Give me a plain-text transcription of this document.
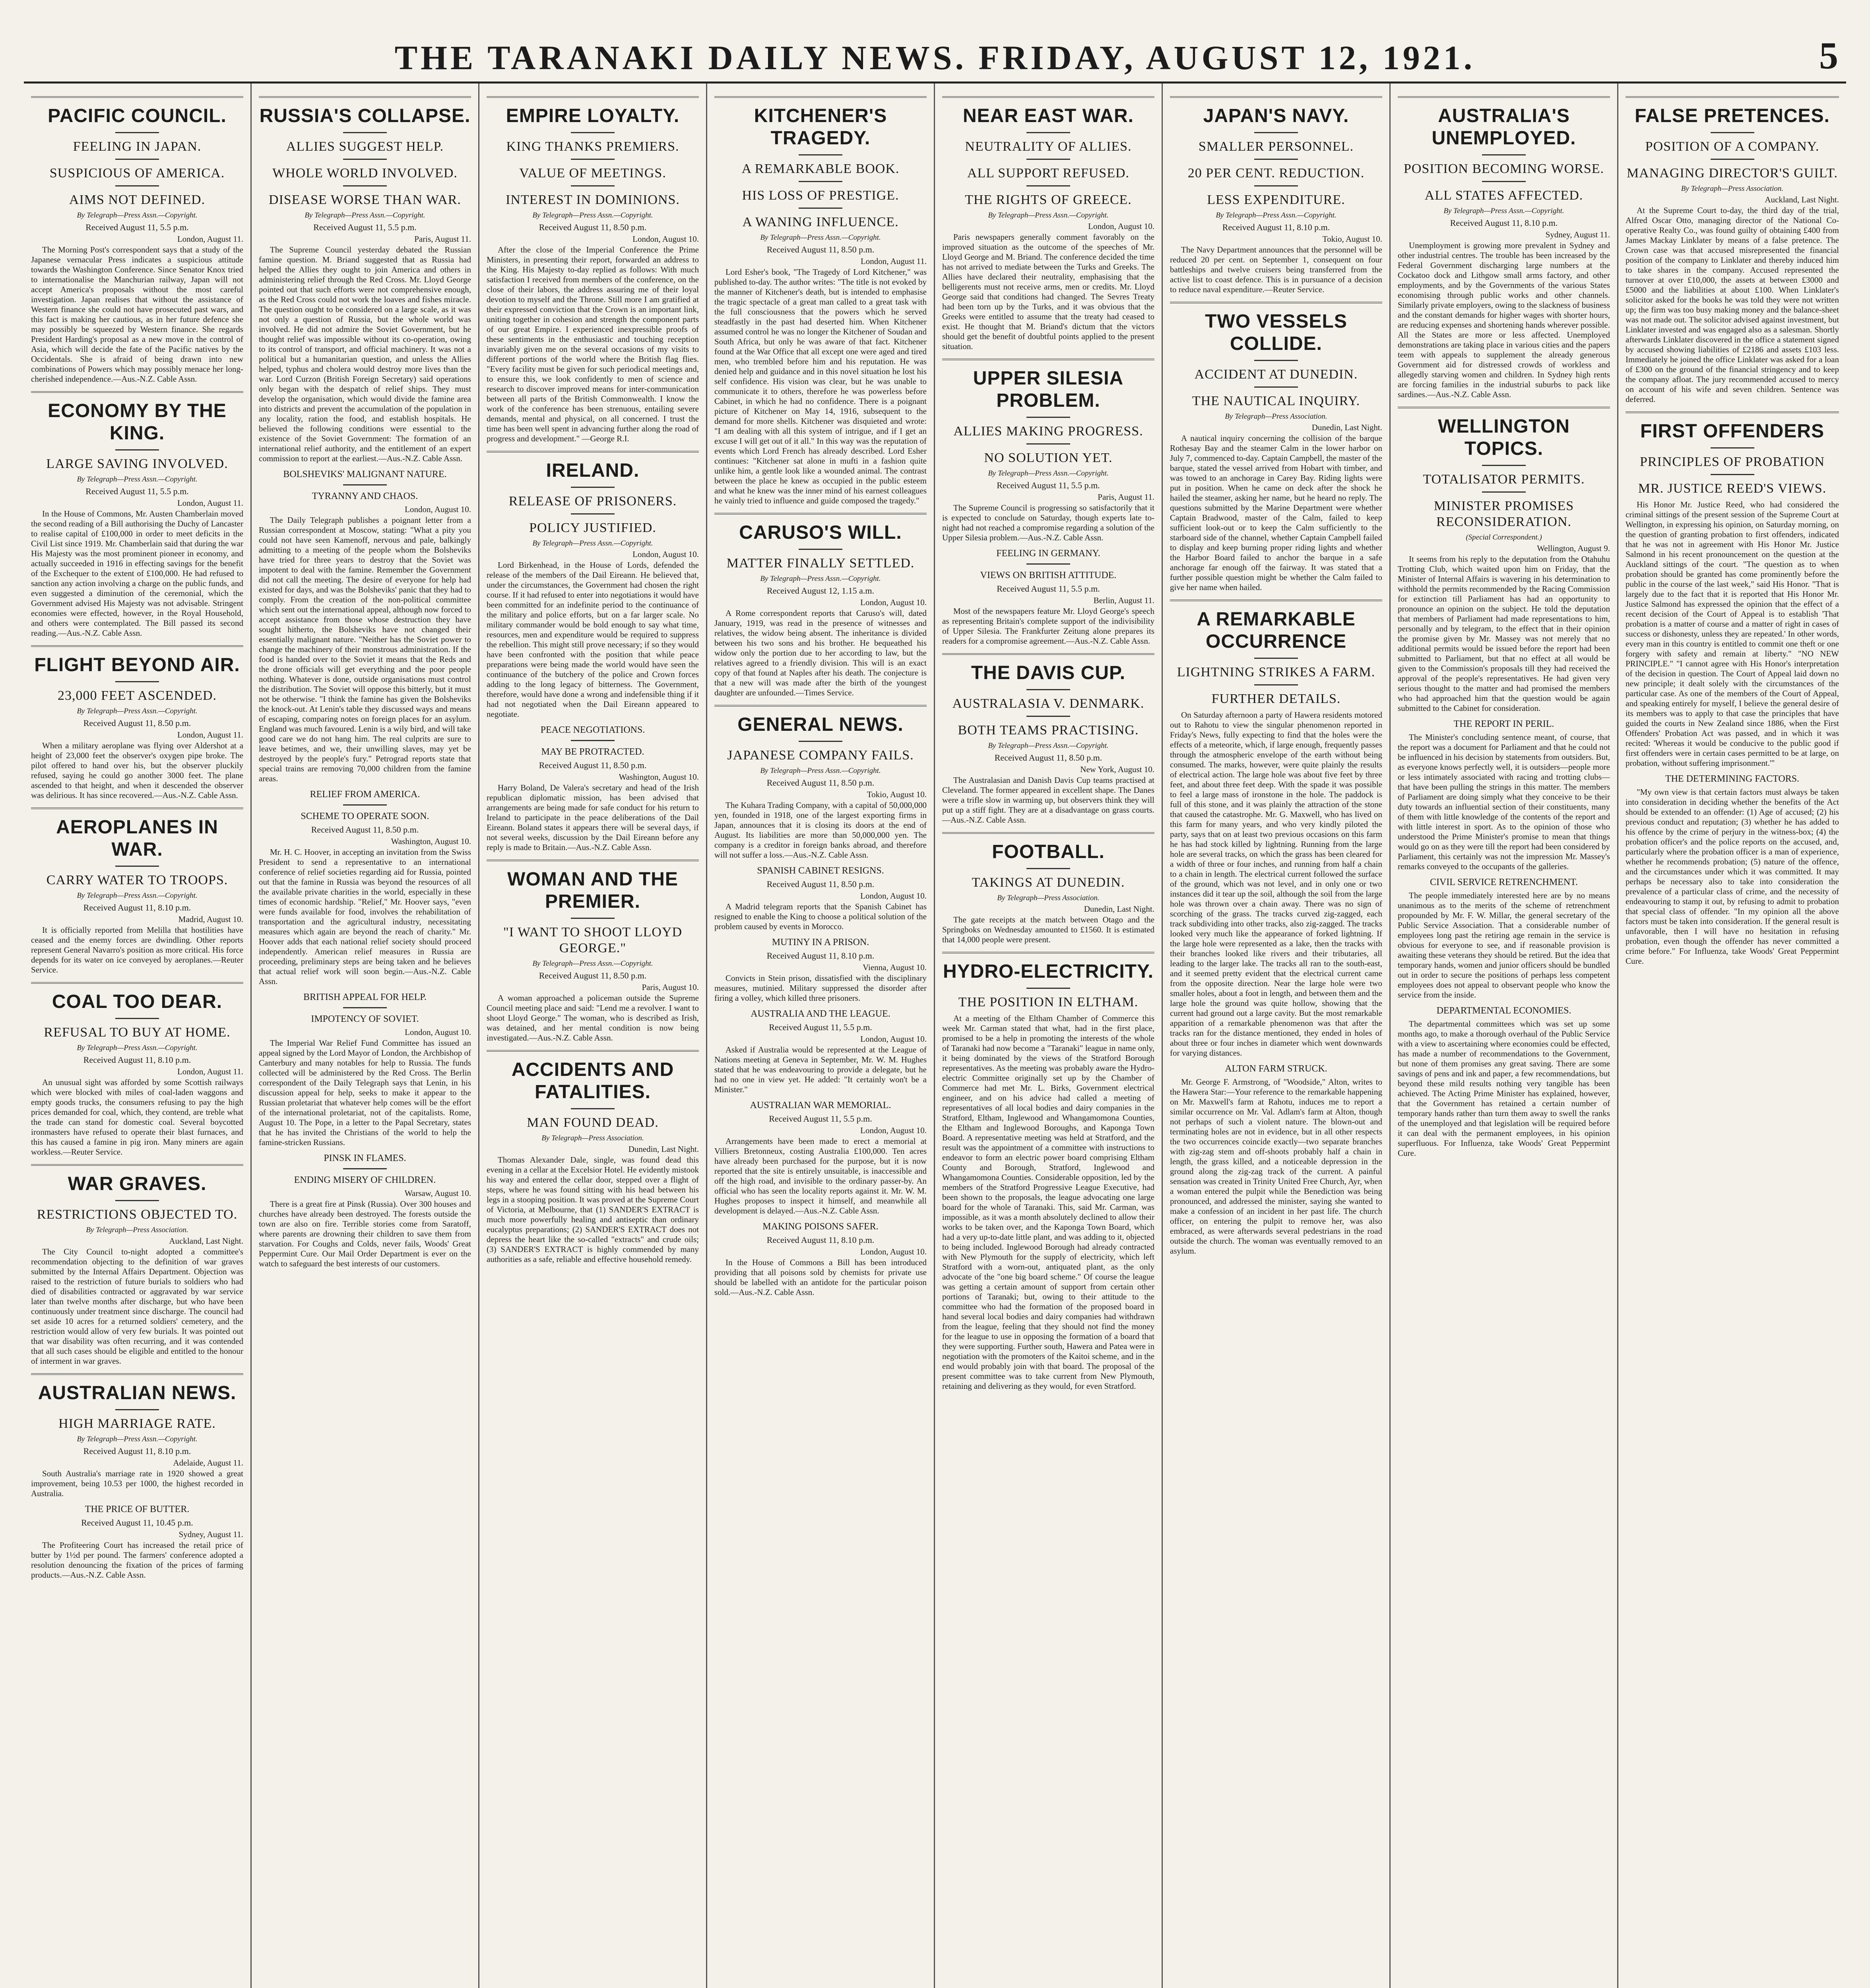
THE TARANAKI DAILY NEWS. FRIDAY, AUGUST 12, 1921.	5
PACIFIC COUNCIL.
FEELING IN JAPAN.
SUSPICIOUS OF AMERICA.
AIMS NOT DEFINED.
By Telegraph—Press Assn.—Copyright.
Received August 11, 5.5 p.m.
London, August 11.

The Morning Post's correspondent says that a study of the Japanese vernacular Press indicates a suspicious attitude towards the Washington Conference. Since Senator Knox tried to internationalise the Manchurian railway, Japan will not accept America's proposals without the most careful investigation. Japan realises that without the assistance of Western finance she could not have prosecuted past wars, and this fact is making her cautious, as in her future defence she may possibly be squeezed by Western finance. She regards President Harding's proposal as a new move in the control of Asia, which will decide the fate of the Pacific natives by the Occidentals. She is afraid of being drawn into new combinations of Powers which may possibly menace her long-cherished independence.—Aus.-N.Z. Cable Assn.

ECONOMY BY THE KING.
LARGE SAVING INVOLVED.
By Telegraph—Press Assn.—Copyright.
Received August 11, 5.5 p.m.
London, August 11.

In the House of Commons, Mr. Austen Chamberlain moved the second reading of a Bill authorising the Duchy of Lancaster to realise capital of £100,000 in order to meet deficits in the Civil List since 1919. Mr. Chamberlain said that during the war His Majesty was the most prominent pioneer in economy, and actually succeeded in 1916 in effecting savings for the benefit of the Exchequer to the extent of £100,000. He had refused to sanction any action involving a charge on the public funds, and even suggested a diminution of the ceremonial, which the Government advised His Majesty was not advisable. Stringent economies were effected, however, in the Royal Household, and others were contemplated. The Bill passed its second reading.—Aus.-N.Z. Cable Assn.

FLIGHT BEYOND AIR.
23,000 FEET ASCENDED.
By Telegraph—Press Assn.—Copyright.
Received August 11, 8.50 p.m.
London, August 11.

When a military aeroplane was flying over Aldershot at a height of 23,000 feet the observer's oxygen pipe broke. The pilot offered to hand over his, but the observer pluckily refused, saying he could go another 3000 feet. The plane ascended to that height, and when it descended the observer was delirious. It has since recovered.—Aus.-N.Z. Cable Assn.

AEROPLANES IN WAR.
CARRY WATER TO TROOPS.
By Telegraph—Press Assn.—Copyright.
Received August 11, 8.10 p.m.
Madrid, August 10.

It is officially reported from Melilla that hostilities have ceased and the enemy forces are dwindling. Other reports represent General Navarro's position as more critical. His force depends for its water on ice conveyed by aeroplanes.—Reuter Service.

COAL TOO DEAR.
REFUSAL TO BUY AT HOME.
By Telegraph—Press Assn.—Copyright.
Received August 11, 8.10 p.m.
London, August 11.

An unusual sight was afforded by some Scottish railways which were blocked with miles of coal-laden waggons and empty goods trucks, the consumers refusing to pay the high prices demanded for coal, which, they contend, are treble what the trade can stand for domestic coal. Several boycotted ironmasters have refused to operate their blast furnaces, and this has caused a famine in pig iron. Many miners are again workless.—Reuter Service.

WAR GRAVES.
RESTRICTIONS OBJECTED TO.
By Telegraph—Press Association.
Auckland, Last Night.

The City Council to-night adopted a committee's recommendation objecting to the definition of war graves submitted by the Internal Affairs Department. Objection was raised to the restriction of future burials to soldiers who had died of disabilities contracted or aggravated by war service later than twelve months after discharge, but who have been continuously under treatment since discharge. The council had set aside 10 acres for a returned soldiers' cemetery, and the restriction would allow of very few burials. It was pointed out that war disability was often recurring, and it was contended that all such cases should be eligible and entitled to the honour of interment in war graves.

AUSTRALIAN NEWS.
HIGH MARRIAGE RATE.
By Telegraph—Press Assn.—Copyright.
Received August 11, 8.10 p.m.
Adelaide, August 11.

South Australia's marriage rate in 1920 showed a great improvement, being 10.53 per 1000, the highest recorded in Australia.

THE PRICE OF BUTTER.
Received August 11, 10.45 p.m.
Sydney, August 11.

The Profiteering Court has increased the retail price of butter by 1½d per pound. The farmers' conference adopted a resolution denouncing the fixation of the prices of farming products.—Aus.-N.Z. Cable Assn.

RUSSIA'S COLLAPSE.
ALLIES SUGGEST HELP.
WHOLE WORLD INVOLVED.
DISEASE WORSE THAN WAR.
By Telegraph—Press Assn.—Copyright.
Received August 11, 5.5 p.m.
Paris, August 11.

The Supreme Council yesterday debated the Russian famine question. M. Briand suggested that as Russia had helped the Allies they ought to join America and others in administering relief through the Red Cross. Mr. Lloyd George pointed out that such efforts were not comprehensive enough, as the Red Cross could not work the loaves and fishes miracle. The question ought to be considered on a large scale, as it was not only a question of Russia, but the whole world was involved. He did not admire the Soviet Government, but he thought relief was impossible without its co-operation, owing to its control of transport, and official machinery. It was not a political but a humanitarian question, and unless the Allies helped, typhus and cholera would destroy more lives than the war. Lord Curzon (British Foreign Secretary) said operations only began with the despatch of relief ships. They must develop the organisation, which would divide the famine area into districts and prevent the accumulation of the population in any locality, ration the food, and establish hospitals. He believed the following conditions were essential to the existence of the Soviet Government: The formation of an international relief authority, and the entitlement of an expert commission to report at the earliest.—Aus.-N.Z. Cable Assn.

BOLSHEVIKS' MALIGNANT NATURE.
TYRANNY AND CHAOS.
London, August 10.

The Daily Telegraph publishes a poignant letter from a Russian correspondent at Moscow, stating: "What a pity you could not have seen Kamenoff, nervous and pale, balkingly admitting to a meeting of the people whom the Bolsheviks have tried for three years to destroy that the Soviet was impotent to deal with the famine. Remember the Government did not call the meeting. The desire of everyone for help had existed for days, and was the Bolsheviks' panic that they had to comply. From the creation of the non-political committee which sent out the international appeal, although now forced to accept assistance from those whose destruction they have sought hitherto, the Bolsheviks have not changed their essentially malignant nature. "Neither has the Soviet power to change the machinery of their monstrous administration. If the food is handed over to the Soviet it means that the Reds and the drone officials will get everything and the poor people nothing. Whatever is done, outside organisations must control the distribution. The Soviet will oppose this bitterly, but it must not be otherwise. "I think the famine has given the Bolsheviks the knock-out. At Lenin's table they discussed ways and means of escaping, comparing notes on foreign places for an asylum. England was much favoured. Lenin is a wily bird, and will take good care we do not hang him. The real culprits are sure to leave betimes, and we, their unwilling slaves, may yet be destroyed by the people's fury." Petrograd reports state that special trains are removing 70,000 children from the famine areas.

RELIEF FROM AMERICA.
SCHEME TO OPERATE SOON.
Received August 11, 8.50 p.m.
Washington, August 10.

Mr. H. C. Hoover, in accepting an invitation from the Swiss President to send a representative to an international conference of relief societies regarding aid for Russia, pointed out that the famine in Russia was beyond the resources of all the available private charities in the world, especially in these times of economic hardship. "Relief," Mr. Hoover says, "even were funds available for food, involves the rehabilitation of transportation and the agricultural industry, necessitating measures which again are beyond the reach of charity." Mr. Hoover adds that each national relief society should proceed independently. American relief measures in Russia are proceeding, preliminary steps are being taken and he believes that actual relief work will soon begin.—Aus.-N.Z. Cable Assn.

BRITISH APPEAL FOR HELP.
IMPOTENCY OF SOVIET.
London, August 10.

The Imperial War Relief Fund Committee has issued an appeal signed by the Lord Mayor of London, the Archbishop of Canterbury and many notables for help to Russia. The funds collected will be administered by the Red Cross. The Berlin correspondent of the Daily Telegraph says that Lenin, in his discussion appeal for help, seeks to make it appear to the Russian proletariat that whatever help comes will be the effort of the international proletariat, not of the capitalists. Rome, August 10. The Pope, in a letter to the Papal Secretary, states that he has invited the Christians of the world to help the famine-stricken Russians.

PINSK IN FLAMES.
ENDING MISERY OF CHILDREN.
Warsaw, August 10.

There is a great fire at Pinsk (Russia). Over 300 houses and churches have already been destroyed. The forests outside the town are also on fire. Terrible stories come from Saratoff, where parents are drowning their children to save them from starvation. For Coughs and Colds, never fails, Woods' Great Peppermint Cure. Our Mail Order Department is ever on the watch to safeguard the best interests of our customers.

EMPIRE LOYALTY.
KING THANKS PREMIERS.
VALUE OF MEETINGS.
INTEREST IN DOMINIONS.
By Telegraph—Press Assn.—Copyright.
Received August 11, 8.50 p.m.
London, August 10.

After the close of the Imperial Conference the Prime Ministers, in presenting their report, forwarded an address to the King. His Majesty to-day replied as follows: With much satisfaction I received from members of the conference, on the close of their labors, the address assuring me of their loyal devotion to myself and the Throne. Still more I am gratified at their expressed conviction that the Crown is an important link, uniting together in cohesion and strength the component parts of our great Empire. I experienced inexpressible proofs of these sentiments in the enthusiastic and touching reception invariably given me on the several occasions of my visits to different portions of the world where the British flag flies. "Every facility must be given for such periodical meetings and, to ensure this, we look confidently to men of science and research to discover improved means for inter-communication between all parts of the British Commonwealth. I know the work of the conference has been strenuous, entailing severe demands, mental and physical, on all concerned. I trust the time has been well spent in advancing further along the road of progress and development." —George R.I.

IRELAND.
RELEASE OF PRISONERS.
POLICY JUSTIFIED.
By Telegraph—Press Assn.—Copyright.
London, August 10.

Lord Birkenhead, in the House of Lords, defended the release of the members of the Dail Eireann. He believed that, under the circumstances, the Government had chosen the right course. If it had refused to enter into negotiations it would have been committed for an indefinite period to the continuance of the military and police efforts, but on a far larger scale. No military commander would be bold enough to say what time, resources, men and expenditure would be required to suppress the rebellion. This might still prove necessary; if so they would have been confronted with the position that while peace preparations were being made the world would have seen the continuance of the butchery of the police and Crown forces adding to the long legacy of bitterness. The Government, therefore, would have done a wrong and indefensible thing if it had not negotiated when the Dail Eireann appeared to negotiate.

PEACE NEGOTIATIONS.
MAY BE PROTRACTED.
Received August 11, 8.50 p.m.
Washington, August 10.

Harry Boland, De Valera's secretary and head of the Irish republican diplomatic mission, has been advised that arrangements are being made for safe conduct for his return to Ireland to participate in the peace deliberations of the Dail Eireann. Boland states it appears there will be several days, if not several weeks, discussion by the Dail Eireann before any reply is made to Britain.—Aus.-N.Z. Cable Assn.

WOMAN AND THE PREMIER.
"I WANT TO SHOOT LLOYD GEORGE."
By Telegraph—Press Assn.—Copyright.
Received August 11, 8.50 p.m.
Paris, August 10.

A woman approached a policeman outside the Supreme Council meeting place and said: "Lend me a revolver. I want to shoot Lloyd George." The woman, who is described as Irish, was detained, and her mental condition is now being investigated.—Aus.-N.Z. Cable Assn.

ACCIDENTS AND FATALITIES.
MAN FOUND DEAD.
By Telegraph—Press Association.
Dunedin, Last Night.

Thomas Alexander Dale, single, was found dead this evening in a cellar at the Excelsior Hotel. He evidently mistook his way and entered the cellar door, stepped over a flight of steps, where he was found sitting with his head between his legs in a stooping position. It was proved at the Supreme Court of Victoria, at Melbourne, that (1) SANDER'S EXTRACT is much more powerfully healing and antiseptic than ordinary eucalyptus preparations; (2) SANDER'S EXTRACT does not depress the heart like the so-called "extracts" and crude oils; (3) SANDER'S EXTRACT is highly commended by many authorities as a safe, reliable and effective household remedy.

KITCHENER'S TRAGEDY.
A REMARKABLE BOOK.
HIS LOSS OF PRESTIGE.
A WANING INFLUENCE.
By Telegraph—Press Assn.—Copyright.
Received August 11, 8.50 p.m.
London, August 11.

Lord Esher's book, "The Tragedy of Lord Kitchener," was published to-day. The author writes: "The title is not evoked by the manner of Kitchener's death, but is intended to emphasise the tragic spectacle of a great man called to a great task with the full consciousness that the powers which he served steadfastly in the past had deserted him. When Kitchener assumed control he was no longer the Kitchener of Soudan and South Africa, but only he was aware of that fact. Kitchener found at the War Office that all except one were aged and tired men, who trembled before him and his reputation. He was denied help and guidance and in this novel situation he lost his self confidence. His vision was clear, but he was unable to communicate it to others, therefore he was powerless before Cabinet, in which he had no confidence. There is a poignant picture of Kitchener on May 14, 1916, subsequent to the demand for more shells. Kitchener was disquieted and wrote: "I am dealing with all this system of intrigue, and if I get an excuse I will get out of it all." In this way was the reputation of events which Lord French has already described. Lord Esher continues: "Kitchener sat alone in mufti in a fashion quite unlike him, a gentle look like a wounded animal. The contrast between the place he knew as occupied in the public esteem and what he knew was the inner mind of his earnest colleagues he vainly tried to influence and guide composed the tragedy."

CARUSO'S WILL.
MATTER FINALLY SETTLED.
By Telegraph—Press Assn.—Copyright.
Received August 12, 1.15 a.m.
London, August 10.

A Rome correspondent reports that Caruso's will, dated January, 1919, was read in the presence of witnesses and relatives, the widow being absent. The inheritance is divided between his two sons and his brother. He bequeathed his widow only the portion due to her according to law, but the relatives agreed to a friendly division. This will is an exact copy of that found at Naples after his death. The conjecture is that a new will was made after the birth of the youngest daughter are unfounded.—Times Service.

GENERAL NEWS.
JAPANESE COMPANY FAILS.
By Telegraph—Press Assn.—Copyright.
Received August 11, 8.50 p.m.
Tokio, August 10.

The Kuhara Trading Company, with a capital of 50,000,000 yen, founded in 1918, one of the largest exporting firms in Japan, announces that it is closing its doors at the end of August. Its liabilities are more than 50,000,000 yen. The company is a creditor in foreign banks abroad, and therefore will not suffer a loss.—Aus.-N.Z. Cable Assn.

SPANISH CABINET RESIGNS.
Received August 11, 8.50 p.m.
London, August 10.

A Madrid telegram reports that the Spanish Cabinet has resigned to enable the King to choose a political solution of the problem caused by events in Morocco.

MUTINY IN A PRISON.
Received August 11, 8.10 p.m.
Vienna, August 10.

Convicts in Stein prison, dissatisfied with the disciplinary measures, mutinied. Military suppressed the disorder after firing a volley, which killed three prisoners.

AUSTRALIA AND THE LEAGUE.
Received August 11, 5.5 p.m.
London, August 10.

Asked if Australia would be represented at the League of Nations meeting at Geneva in September, Mr. W. M. Hughes stated that he was endeavouring to provide a delegate, but he had no one in view yet. He added: "It certainly won't be a Minister."

AUSTRALIAN WAR MEMORIAL.
Received August 11, 5.5 p.m.
London, August 10.

Arrangements have been made to erect a memorial at Villiers Bretonneux, costing Australia £100,000. Ten acres have already been purchased for the purpose, but it is now reported that the site is entirely unsuitable, is inaccessible and off the high road, and invisible to the ordinary passer-by. An official who has seen the locality reports against it. Mr. W. M. Hughes proposes to inspect it himself, and meanwhile all development is delayed.—Aus.-N.Z. Cable Assn.

MAKING POISONS SAFER.
Received August 11, 8.10 p.m.
London, August 10.

In the House of Commons a Bill has been introduced providing that all poisons sold by chemists for private use should be labelled with an antidote for the particular poison sold.—Aus.-N.Z. Cable Assn.

NEAR EAST WAR.
NEUTRALITY OF ALLIES.
ALL SUPPORT REFUSED.
THE RIGHTS OF GREECE.
By Telegraph—Press Assn.—Copyright.
London, August 10.

Paris newspapers generally comment favorably on the improved situation as the outcome of the speeches of Mr. Lloyd George and M. Briand. The conference decided the time has not arrived to mediate between the Turks and Greeks. The Allies have declared their neutrality, emphasising that the belligerents must not receive arms, men or credits. Mr. Lloyd George said that conditions had changed. The Sevres Treaty had been torn up by the Turks, and it was obvious that the Greeks were entitled to assume that the treaty had ceased to exist. He thought that M. Briand's dictum that the victors should get the benefit of doubtful points applied to the present situation.

UPPER SILESIA PROBLEM.
ALLIES MAKING PROGRESS.
NO SOLUTION YET.
By Telegraph—Press Assn.—Copyright.
Received August 11, 5.5 p.m.
Paris, August 11.

The Supreme Council is progressing so satisfactorily that it is expected to conclude on Saturday, though experts late to-night had not reached a compromise regarding a solution of the Upper Silesia problem.—Aus.-N.Z. Cable Assn.

FEELING IN GERMANY.
VIEWS ON BRITISH ATTITUDE.
Received August 11, 5.5 p.m.
Berlin, August 11.

Most of the newspapers feature Mr. Lloyd George's speech as representing Britain's complete support of the indivisibility of Upper Silesia. The Frankfurter Zeitung alone prepares its readers for a compromise agreement.—Aus.-N.Z. Cable Assn.

THE DAVIS CUP.
AUSTRALASIA V. DENMARK.
BOTH TEAMS PRACTISING.
By Telegraph—Press Assn.—Copyright.
Received August 11, 8.50 p.m.
New York, August 10.

The Australasian and Danish Davis Cup teams practised at Cleveland. The former appeared in excellent shape. The Danes were a trifle slow in warming up, but observers think they will put up a stiff fight. They are at a disadvantage on grass courts.—Aus.-N.Z. Cable Assn.

FOOTBALL.
TAKINGS AT DUNEDIN.
By Telegraph—Press Association.
Dunedin, Last Night.

The gate receipts at the match between Otago and the Springboks on Wednesday amounted to £1560. It is estimated that 14,000 people were present.

HYDRO-ELECTRICITY.
THE POSITION IN ELTHAM.

At a meeting of the Eltham Chamber of Commerce this week Mr. Carman stated that what, had in the first place, promised to be a help in promoting the interests of the whole of Taranaki had now become a "Taranaki" league in name only, it being dominated by the views of the Stratford Borough representatives. As the meeting was probably aware the Hydro-electric Committee originally set up by the Chamber of Commerce had met Mr. L. Birks, Government electrical engineer, and on his advice had called a meeting of representatives of all local bodies and dairy companies in the Stratford, Eltham, Inglewood and Whangamomona Counties, the Eltham and Inglewood Boroughs, and Kaponga Town Board. A representative meeting was held at Stratford, and the result was the appointment of a committee with instructions to endeavor to form an electric power board comprising Eltham County and Borough, Stratford, Inglewood and Whangamomona Counties. Considerable opposition, led by the members of the Stratford Progressive League Executive, had been shown to the proposals, the league advocating one large board for the whole of Taranaki. This, said Mr. Carman, was impossible, as it was a month absolutely declined to allow their works to be taken over, and the Kaponga Town Board, which had a very up-to-date little plant, and was adding to it, objected to being included. Inglewood Borough had already contracted with New Plymouth for the supply of electricity, which left Stratford with a worn-out, antiquated plant, as the only advocate of the "one big board scheme." Of course the league was getting a certain amount of support from certain other portions of Taranaki; but, owing to their attitude to the committee who had the formation of the proposed board in hand several local bodies and dairy companies had withdrawn from the league, feeling that they should not find the money for the league to use in opposing the formation of a board that they were supporting. Further south, Hawera and Patea were in negotiation with the promoters of the Kaitoi scheme, and in the end would probably join with that board. The proposal of the present committee was to take current from New Plymouth, retaining and delivering as they would, for even Stratford.

JAPAN'S NAVY.
SMALLER PERSONNEL.
20 PER CENT. REDUCTION.
LESS EXPENDITURE.
By Telegraph—Press Assn.—Copyright.
Received August 11, 8.10 p.m.
Tokio, August 10.

The Navy Department announces that the personnel will be reduced 20 per cent. on September 1, consequent on four battleships and twelve cruisers being transferred from the active list to coast defence. This is in pursuance of a decision to reduce naval expenditure.—Reuter Service.

TWO VESSELS COLLIDE.
ACCIDENT AT DUNEDIN.
THE NAUTICAL INQUIRY.
By Telegraph—Press Association.
Dunedin, Last Night.

A nautical inquiry concerning the collision of the barque Rothesay Bay and the steamer Calm in the lower harbor on July 7, commenced to-day. Captain Campbell, the master of the barque, stated the vessel arrived from Hobart with timber, and was towed to an anchorage in Carey Bay. Riding lights were put in position. When he came on deck after the shock he hailed the steamer, asking her name, but he heard no reply. The questions submitted by the Marine Department were whether Captain Bradwood, master of the Calm, failed to keep sufficient look-out or to keep the Calm sufficiently to the starboard side of the channel, whether Captain Campbell failed to display and keep burning proper riding lights and whether the Harbor Board failed to anchor the barque in a safe anchorage far enough off the fairway. It was stated that a further possible question might be whether the Calm failed to give her name when hailed.

A REMARKABLE OCCURRENCE
LIGHTNING STRIKES A FARM.
FURTHER DETAILS.

On Saturday afternoon a party of Hawera residents motored out to Rahotu to view the singular phenomenon reported in Friday's News, fully expecting to find that the holes were the effects of a meteorite, which, if large enough, frequently passes through the atmospheric envelope of the earth without being consumed. The marks, however, were quite plainly the results of electrical action. The large hole was about five feet by three feet, and about three feet deep. With the spade it was possible to feel a large mass of ironstone in the hole. The paddock is full of this stone, and it was plainly the attraction of the stone that caused the catastrophe. Mr. G. Maxwell, who has lived on this farm for many years, and who very kindly piloted the party, says that on at least two previous occasions on this farm he has had stock killed by lightning. Running from the large hole are several tracks, on which the grass has been cleared for a width of three or four inches, and running from half a chain to a chain in length. The electrical current followed the surface of the ground, which was not level, and in only one or two instances did it tear up the soil, although the soil from the large hole was thrown over a chain away. There was no sign of scorching of the grass. The tracks curved zig-zagged, each track subdividing into other tracks, also zig-zagged. The tracks looked very much like the appearance of forked lightning. If the large hole were represented as a lake, then the tracks with their branches looked like rivers and their tributaries, all leading to the larger lake. The tracks all ran to the south-east, and it seemed pretty evident that the electrical current came from the opposite direction. Near the large hole were two smaller holes, about a foot in length, and between them and the large hole the ground was quite hollow, showing that the current had ground out a large cavity. But the most remarkable apparition of a remarkable phenomenon was that after the tracks ran for the distance mentioned, they ended in holes of about three or four inches in diameter which went downwards for varying distances.

ALTON FARM STRUCK.

Mr. George F. Armstrong, of "Woodside," Alton, writes to the Hawera Star:—Your reference to the remarkable happening on Mr. Maxwell's farm at Rahotu, induces me to report a similar occurrence on Mr. Val. Adlam's farm at Alton, though not perhaps of such a violent nature. The blown-out and terminating holes are not in evidence, but in all other respects the two occurrences coincide exactly—two separate branches with zig-zag stem and off-shoots probably half a chain in length, the grass killed, and a noticeable depression in the ground along the zig-zag track of the current. A painful sensation was created in Trinity United Free Church, Ayr, when a woman entered the pulpit while the Benediction was being pronounced, and addressed the minister, saying she wanted to make a confession of an incident in her past life. The church officer, on entering the pulpit to remove her, was also embraced, as were afterwards several pedestrians in the road outside the church. The woman was eventually removed to an asylum.

AUSTRALIA'S UNEMPLOYED.
POSITION BECOMING WORSE.
ALL STATES AFFECTED.
By Telegraph—Press Assn.—Copyright.
Received August 11, 8.10 p.m.
Sydney, August 11.

Unemployment is growing more prevalent in Sydney and other industrial centres. The trouble has been increased by the Federal Government discharging large numbers at the Cockatoo dock and Lithgow small arms factory, and other employments, and by the Governments of the various States economising through public works and other channels. Similarly private employers, owing to the slackness of business and the constant demands for higher wages with shorter hours, are reducing expenses and shortening hands wherever possible. All the States are more or less affected. Unemployed demonstrations are taking place in various cities and the papers teem with appeals to supplement the already generous Government aid for distressed crowds of workless and allegedly starving women and children. In Sydney high rents are forcing families in the industrial suburbs to pack like sardines.—Aus.-N.Z. Cable Assn.

WELLINGTON TOPICS.
TOTALISATOR PERMITS.
MINISTER PROMISES RECONSIDERATION.
(Special Correspondent.)
Wellington, August 9.

It seems from his reply to the deputation from the Otahuhu Trotting Club, which waited upon him on Friday, that the Minister of Internal Affairs is wavering in his determination to withhold the permits recommended by the Racing Commission for extinction till Parliament has had an opportunity to pronounce an opinion on the subject. He told the deputation that members of Parliament had made representations to him, personally and by telegram, to the effect that in their opinion the promise given by Mr. Massey was not merely that no additional permits would be issued before the report had been submitted to Parliament, but that no effect at all would be given to the Commission's proposals till they had received the approval of the people's representatives. He had given very serious thought to the matter and had promised the members who had approached him that the question would be again submitted to the Cabinet for consideration.

THE REPORT IN PERIL.

The Minister's concluding sentence meant, of course, that the report was a document for Parliament and that he could not be influenced in his decision by statements from outsiders. But, as everyone knows perfectly well, it is outsiders—people more or less intimately associated with racing and trotting clubs—that have been pulling the strings in this matter. The members of Parliament are doing simply what they conceive to be their duty towards an influential section of their constituents, many of them with little knowledge of the contents of the report and with little interest in sport. As to the opinion of those who understood the Prime Minister's promise to mean that things would go on as they were till the report had been considered by Parliament, this certainly was not the impression Mr. Massey's remarks conveyed to the occupants of the galleries.

CIVIL SERVICE RETRENCHMENT.

The people immediately interested here are by no means unanimous as to the merits of the scheme of retrenchment propounded by Mr. F. W. Millar, the general secretary of the Public Service Association. That a considerable number of employees long past the retiring age remain in the service is obvious for everyone to see, and if reasonable provision is awaiting these veterans they should be retired. But the idea that temporary hands, women and junior officers should be bundled out in order to secure the positions of perhaps less competent employees does not appeal to observant people who know the service from the inside.

DEPARTMENTAL ECONOMIES.

The departmental committees which was set up some months ago, to make a thorough overhaul of the Public Service with a view to ascertaining where economies could be effected, has made a number of recommendations to the Government, but none of them promises any great saving. There are some savings of pens and ink and paper, a few recommendations, but beyond these mild results nothing very tangible has been achieved. The Acting Prime Minister has explained, however, that the Government has retained a certain number of temporary hands rather than turn them away to swell the ranks of the unemployed and that legislation will be required before it can deal with the permanent employees, in his opinion superfluous. For Influenza, take Woods' Great Peppermint Cure.

FALSE PRETENCES.
POSITION OF A COMPANY.
MANAGING DIRECTOR'S GUILT.
By Telegraph—Press Association.
Auckland, Last Night.

At the Supreme Court to-day, the third day of the trial, Alfred Oscar Otto, managing director of the National Co-operative Realty Co., was found guilty of obtaining £400 from James Mackay Linklater by means of a false pretence. The Crown case was that accused misrepresented the financial position of the company to Linklater and thereby induced him to take shares in the company. Accused represented the turnover at over £10,000, the assets at between £3000 and £5000 and the liabilities at about £100. When Linklater's solicitor asked for the books he was told they were not written up; the firm was too busy making money and the balance-sheet was not made out. The solicitor advised against investment, but Linklater invested and was engaged also as a salesman. Shortly afterwards Linklater discovered in the office a statement signed by accused showing liabilities of £2186 and assets £103 less. Immediately he joined the office Linklater was asked for a loan of £300 on the ground of the financial stringency and to keep the company afloat. The jury recommended accused to mercy on account of his wife and seven children. Sentence was deferred.

FIRST OFFENDERS
PRINCIPLES OF PROBATION
MR. JUSTICE REED'S VIEWS.

His Honor Mr. Justice Reed, who had considered the criminal sittings of the present session of the Supreme Court at Wellington, in expressing his opinion, on Saturday morning, on the question of granting probation to first offenders, indicated that he was not in agreement with His Honor Mr. Justice Salmond in his recent pronouncement on the question at the Auckland sittings of the court. "The question as to when probation should be granted has come prominently before the public in the course of the last week," said His Honor. "That is largely due to the fact that it is reported that His Honor Mr. Justice Salmond has expressed the opinion that the effect of a recent decision of the Court of Appeal is to establish 'That probation is a matter of course and a matter of right in cases of success or dishonesty, unless they are repeated.' In other words, every man in this country is entitled to commit one theft or one forgery with safety and remain at liberty." "NO NEW PRINCIPLE." "I cannot agree with His Honor's interpretation of the decision in question. The Court of Appeal laid down no new principle; it dealt solely with the circumstances of the particular case. As one of the members of the Court of Appeal, and speaking entirely for myself, I believe the general desire of its members was to apply to that case the principles that have guided the courts in New Zealand since 1886, when the First Offenders' Probation Act was passed, and in which it was recited: 'Whereas it would be conducive to the public good if first offenders were in certain cases permitted to be at large, on probation, without suffering imprisonment.'"

THE DETERMINING FACTORS.

"My own view is that certain factors must always be taken into consideration in deciding whether the benefits of the Act should be extended to an offender: (1) Age of accused; (2) his previous conduct and reputation; (3) whether he has added to his offence by the crime of perjury in the witness-box; (4) the probation officer's and the police reports on the accused, and, particularly where the probation officer is a man of experience, whether he recommends probation; (5) nature of the offence, and the circumstances under which it was committed. It may perhaps be necessary also to take into consideration the prevalence of a particular class of crime, and the necessity of endeavouring to stamp it out, by refusing to admit to probation that special class of offender. "In my opinion all the above factors must be taken into consideration. If the general result is unfavorable, then I will have no hesitation in refusing probation, even though the offender has never committed a crime before." For Influenza, take Woods' Great Peppermint Cure.
